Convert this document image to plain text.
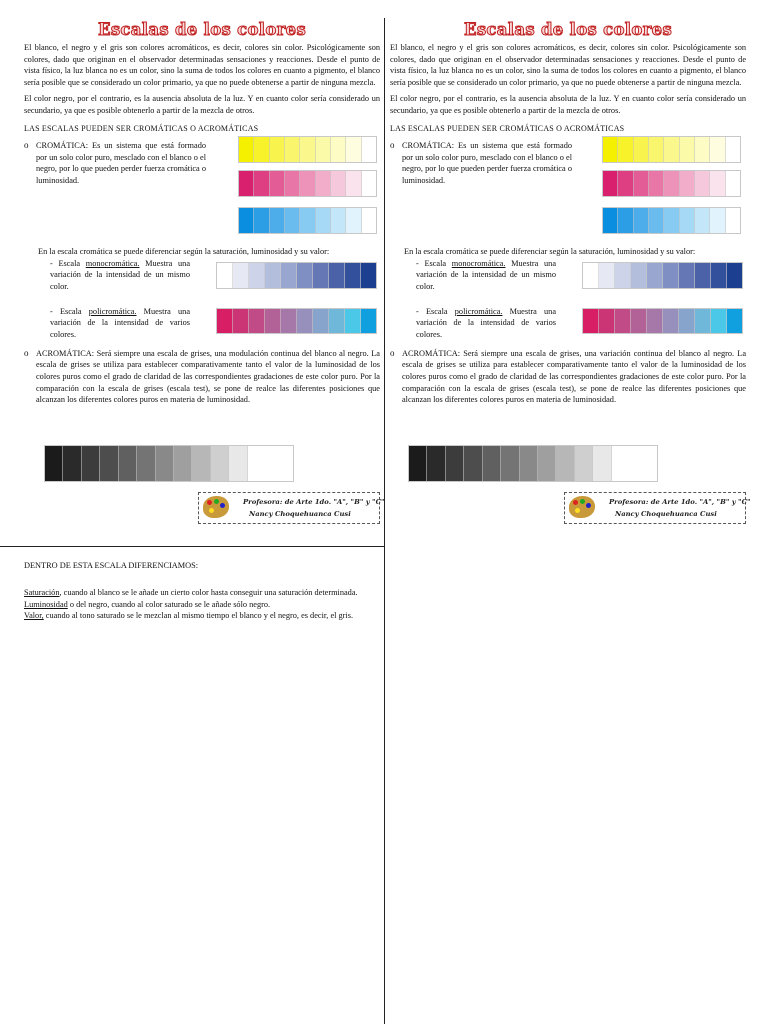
Escalas de los colores

El blanco, el negro y el gris son colores acromáticos, es decir, colores sin color. Psicológicamente son colores, dado que originan en el observador determinadas sensaciones y reacciones. Desde el punto de vista físico, la luz blanca no es un color, sino la suma de todos los colores en cuanto a pigmento, el blanco sería posible que se considerado un color primario, ya que no puede obtenerse a partir de ninguna mezcla.

El color negro, por el contrario, es la ausencia absoluta de la luz. Y en cuanto color sería considerado un secundario, ya que es posible obtenerlo a partir de la mezcla de otros.

LAS ESCALAS PUEDEN SER CROMÁTICAS O ACROMÁTICAS
o CROMÁTICA: Es un sistema que está formado por un solo color puro, mesclado con el blanco o el negro, por lo que pueden perder fuerza cromática o luminosidad.
En la escala cromática se puede diferenciar según la saturación, luminosidad y su valor:
- Escala monocromática. Muestra una variación de la intensidad de un mismo color.
- Escala policromática. Muestra una variación de la intensidad de varios colores.
o ACROMÁTICA: Será siempre una escala de grises, una modulación continua del blanco al negro. La escala de grises se utiliza para establecer comparativamente tanto el valor de la luminosidad de los colores puros como el grado de claridad de las correspondientes gradaciones de este color puro. Por la comparación con la escala de grises (escala test), se pone de realce las diferentes posiciones que alcanzan los diferentes colores puros en materia de luminosidad.
Profesora: de Arte 1do. "A", "B" y "C"
Nancy Choquehuanca Cusi
Escalas de los colores

El blanco, el negro y el gris son colores acromáticos, es decir, colores sin color. Psicológicamente son colores, dado que originan en el observador determinadas sensaciones y reacciones. Desde el punto de vista físico, la luz blanca no es un color, sino la suma de todos los colores en cuanto a pigmento, el blanco sería posible que se considerado un color primario, ya que no puede obtenerse a partir de ninguna mezcla.

El color negro, por el contrario, es la ausencia absoluta de la luz. Y en cuanto color sería considerado un secundario, ya que es posible obtenerlo a partir de la mezcla de otros.

LAS ESCALAS PUEDEN SER CROMÁTICAS O ACROMÁTICAS
o CROMÁTICA: Es un sistema que está formado por un solo color puro, mesclado con el blanco o el negro, por lo que pueden perder fuerza cromática o luminosidad.
En la escala cromática se puede diferenciar según la saturación, luminosidad y su valor:
- Escala monocromática. Muestra una variación de la intensidad de un mismo color.
- Escala policromática. Muestra una variación de la intensidad de varios colores.
o ACROMÁTICA: Será siempre una escala de grises, una variación continua del blanco al negro. La escala de grises se utiliza para establecer comparativamente tanto el valor de la luminosidad de los colores puros como el grado de claridad de las correspondientes gradaciones de este color puro. Por la comparación con la escala de grises (escala test), se pone de realce las diferentes posiciones que alcanzan los diferentes colores puros en materia de luminosidad.
Profesora: de Arte 1do. "A", "B" y "C"
Nancy Choquehuanca Cusi

DENTRO DE ESTA ESCALA DIFERENCIAMOS:

Saturación, cuando al blanco se le añade un cierto color hasta conseguir una saturación determinada.

Luminosidad o del negro, cuando al color saturado se le añade sólo negro.

Valor, cuando al tono saturado se le mezclan al mismo tiempo el blanco y el negro, es decir, el gris.
